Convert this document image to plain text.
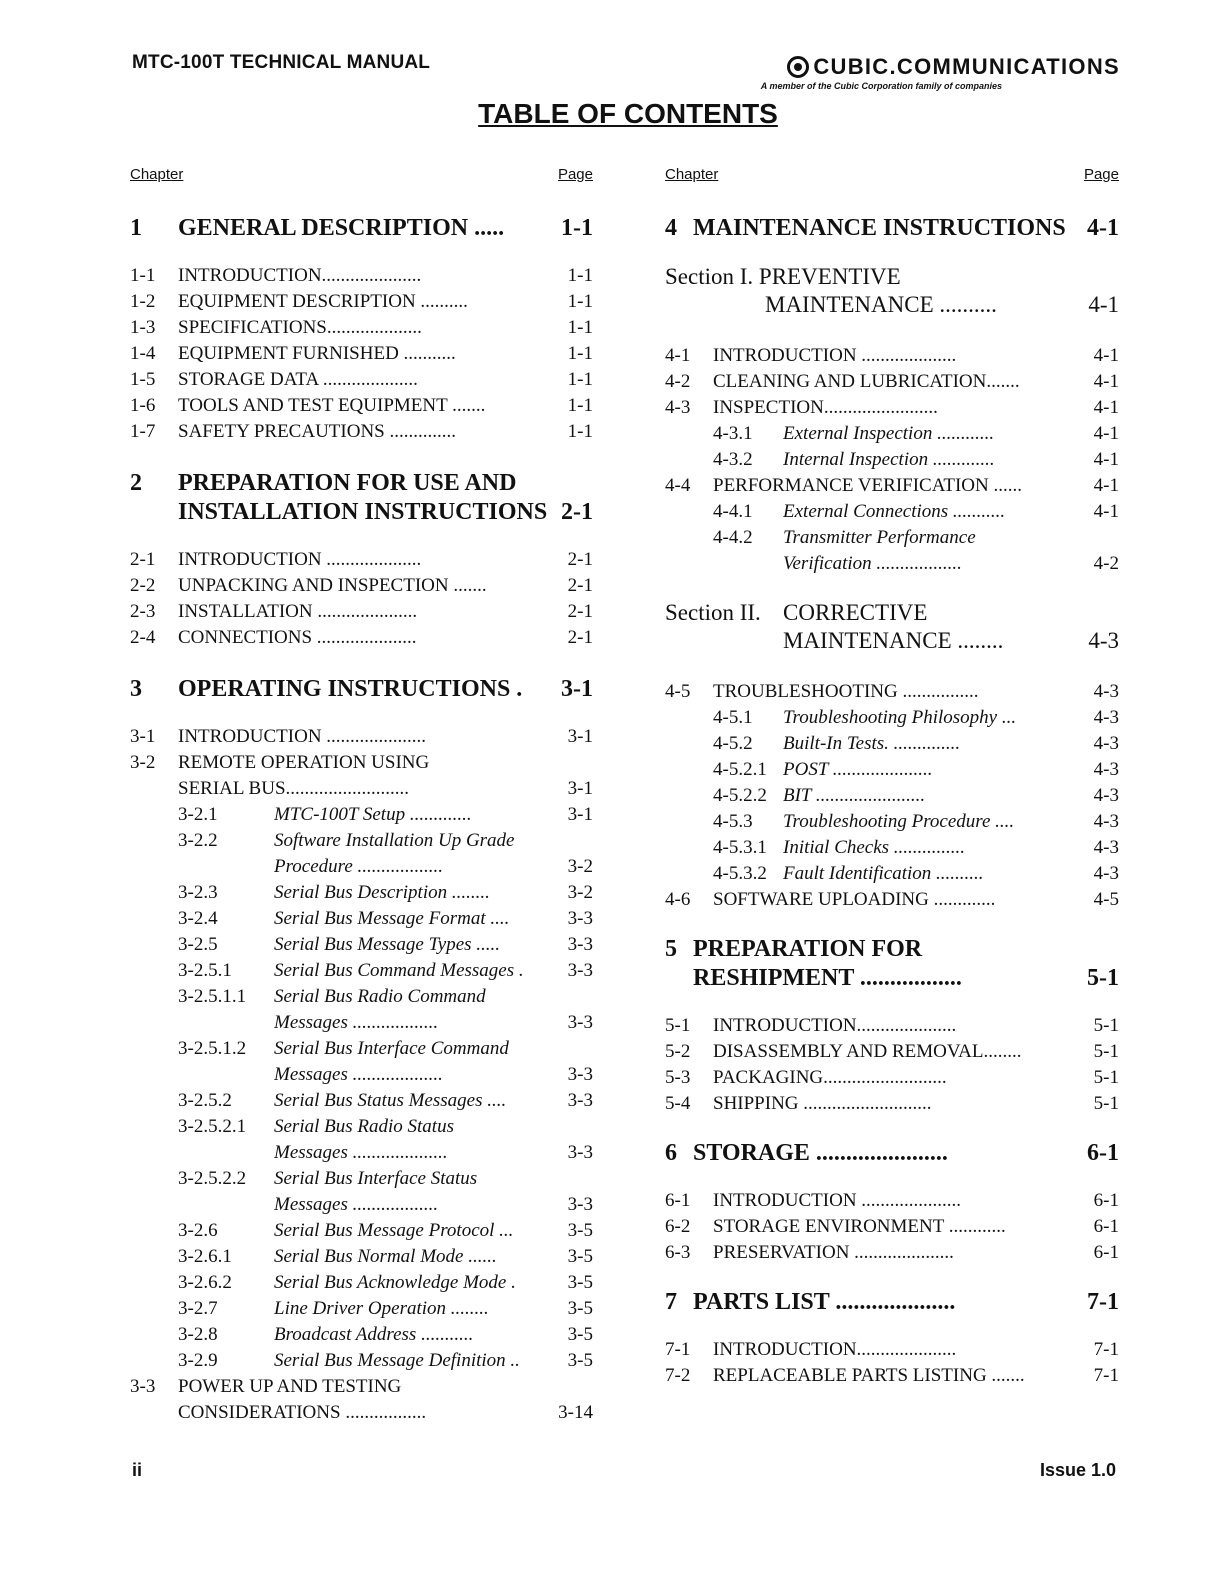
MTC-100T TECHNICAL MANUAL	CUBIC.COMMUNICATIONS
A member of the Cubic Corporation family of companies
TABLE OF CONTENTS
Chapter	Page
1	GENERAL DESCRIPTION .....	1-1
1-1	INTRODUCTION.....................	1-1
1-2	EQUIPMENT DESCRIPTION ..........	1-1
1-3	SPECIFICATIONS....................	1-1
1-4	EQUIPMENT FURNISHED ...........	1-1
1-5	STORAGE DATA ....................	1-1
1-6	TOOLS AND TEST EQUIPMENT .......	1-1
1-7	SAFETY PRECAUTIONS ..............	1-1
2	PREPARATION FOR USE AND
INSTALLATION INSTRUCTIONS 2-1
2-1	INTRODUCTION ....................	2-1
2-2	UNPACKING AND INSPECTION .......	2-1
2-3	INSTALLATION .....................	2-1
2-4	CONNECTIONS .....................	2-1
3	OPERATING INSTRUCTIONS .	3-1
3-1	INTRODUCTION .....................	3-1
3-2	REMOTE OPERATION USING
SERIAL BUS..........................	3-1
3-2.1	MTC-100T Setup .............	3-1
3-2.2	Software Installation Up Grade
Procedure ..................	3-2
3-2.3	Serial Bus Description ........	3-2
3-2.4	Serial Bus Message Format ....	3-3
3-2.5	Serial Bus Message Types .....	3-3
3-2.5.1	Serial Bus Command Messages .	3-3
3-2.5.1.1	Serial Bus Radio Command
Messages ..................	3-3
3-2.5.1.2	Serial Bus Interface Command
Messages ...................	3-3
3-2.5.2	Serial Bus Status Messages ....	3-3
3-2.5.2.1	Serial Bus Radio Status
Messages ....................	3-3
3-2.5.2.2	Serial Bus Interface Status
Messages ..................	3-3
3-2.6	Serial Bus Message Protocol ...	3-5
3-2.6.1	Serial Bus Normal Mode ......	3-5
3-2.6.2	Serial Bus Acknowledge Mode .	3-5
3-2.7	Line Driver Operation ........	3-5
3-2.8	Broadcast Address ...........	3-5
3-2.9	Serial Bus Message Definition ..	3-5
3-3	POWER UP AND TESTING
CONSIDERATIONS .................	3-14
Chapter	Page
4 MAINTENANCE INSTRUCTIONS 4-1
Section I. PREVENTIVE
MAINTENANCE ..........	4-1
4-1	INTRODUCTION ....................	4-1
4-2	CLEANING AND LUBRICATION.......	4-1
4-3	INSPECTION........................	4-1
4-3.1	External Inspection ............	4-1
4-3.2	Internal Inspection .............	4-1
4-4	PERFORMANCE VERIFICATION ......	4-1
4-4.1	External Connections ...........	4-1
4-4.2	Transmitter Performance
Verification ..................	4-2
Section II. CORRECTIVE
MAINTENANCE ........	4-3
4-5	TROUBLESHOOTING ................	4-3
4-5.1	Troubleshooting Philosophy ...	4-3
4-5.2	Built-In Tests. ..............	4-3
4-5.2.1 POST .....................	4-3
4-5.2.2 BIT .......................	4-3
4-5.3	Troubleshooting Procedure ....	4-3
4-5.3.1 Initial Checks ...............	4-3
4-5.3.2 Fault Identification ..........	4-3
4-6	SOFTWARE UPLOADING .............	4-5
5 PREPARATION FOR
RESHIPMENT .................	5-1
5-1	INTRODUCTION.....................	5-1
5-2	DISASSEMBLY AND REMOVAL........	5-1
5-3	PACKAGING..........................	5-1
5-4	SHIPPING ...........................	5-1
6 STORAGE ......................	6-1
6-1	INTRODUCTION .....................	6-1
6-2	STORAGE ENVIRONMENT ............	6-1
6-3	PRESERVATION .....................	6-1
7 PARTS LIST ....................	7-1
7-1	INTRODUCTION.....................	7-1
7-2	REPLACEABLE PARTS LISTING .......	7-1
ii	Issue 1.0
